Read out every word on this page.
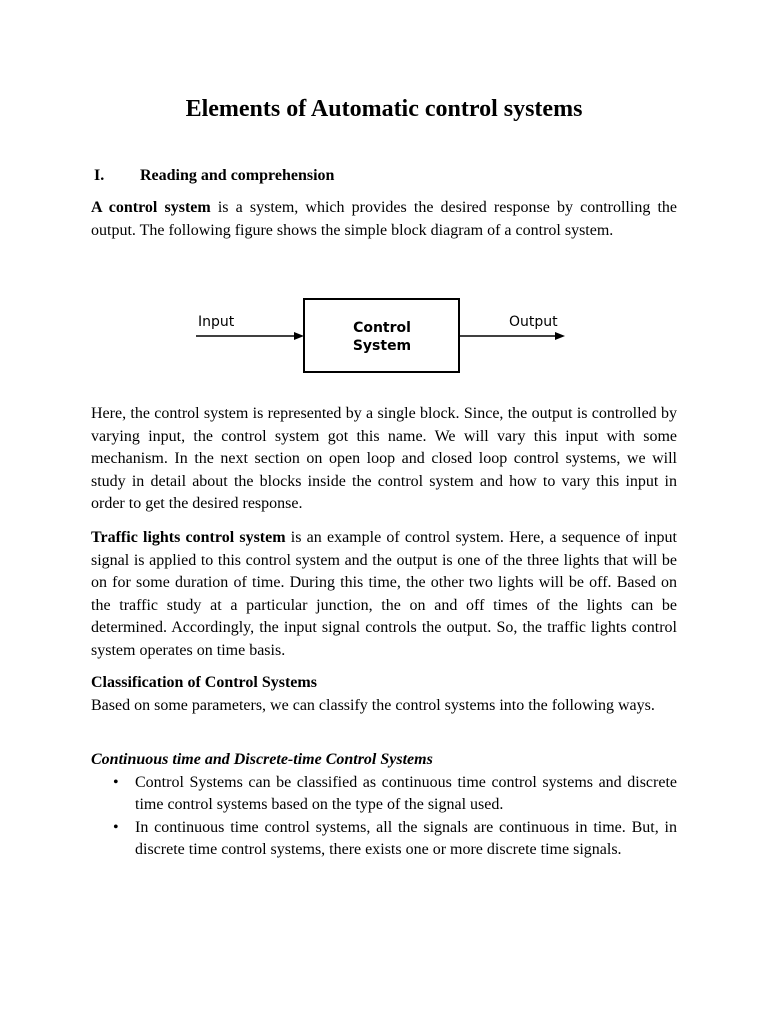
Elements of Automatic control systems
I. Reading and comprehension

A control system is a system, which provides the desired response by controlling the output. The following figure shows the simple block diagram of a control system.

Here, the control system is represented by a single block. Since, the output is controlled by varying input, the control system got this name. We will vary this input with some mechanism. In the next section on open loop and closed loop control systems, we will study in detail about the blocks inside the control system and how to vary this input in order to get the desired response.

Traffic lights control system is an example of control system. Here, a sequence of input signal is applied to this control system and the output is one of the three lights that will be on for some duration of time. During this time, the other two lights will be off. Based on the traffic study at a particular junction, the on and off times of the lights can be determined. Accordingly, the input signal controls the output. So, the traffic lights control system operates on time basis.

Classification of Control Systems

Based on some parameters, we can classify the control systems into the following ways.

Continuous time and Discrete-time Control Systems

• Control Systems can be classified as continuous time control systems and discrete time control systems based on the type of the signal used.
• In continuous time control systems, all the signals are continuous in time. But, in discrete time control systems, there exists one or more discrete time signals.
Input	Control
System
Output
